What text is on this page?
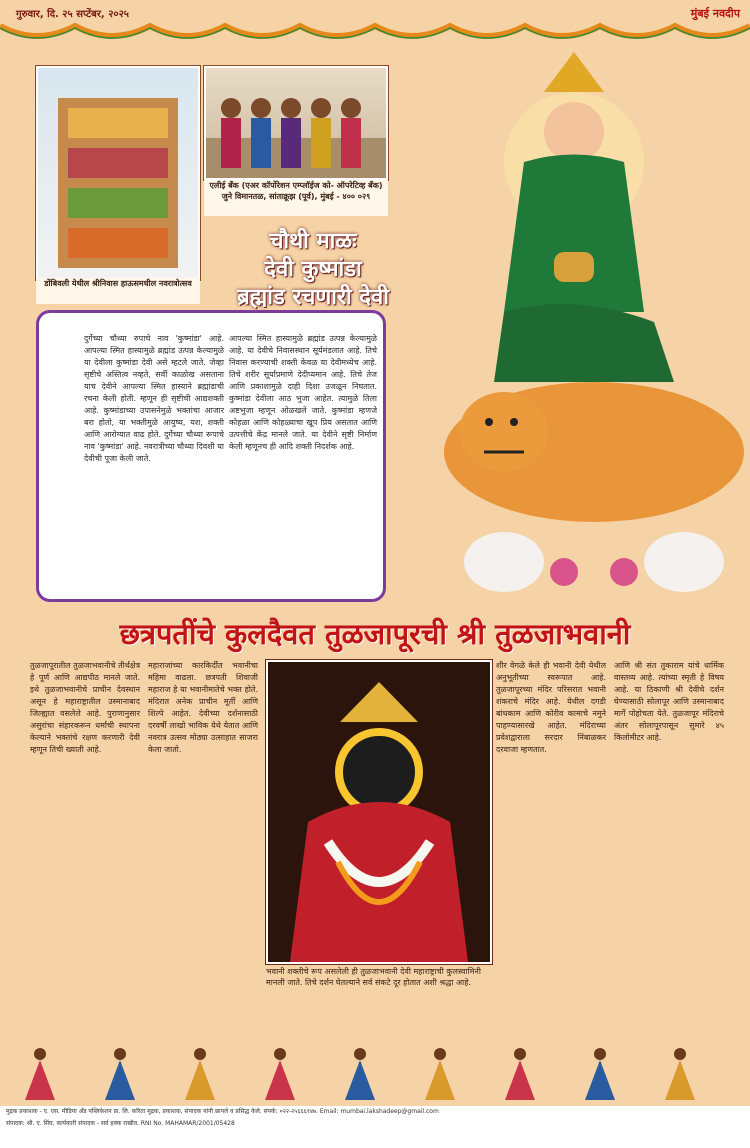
गुरुवार, दि. २५ सप्टेंबर, २०२५	मुंबई नवदीप
डोंबिवली येथील श्रीनिवास हाऊसमधील नवरात्रोत्सव
एलीई बँक (एअर कॉर्पोरेशन एम्प्लॉईज को- ऑपरेटिव्ह बँक) जुने विमानतळ, सांताक्रूझ (पूर्व), मुंबई - ४०० ०२९
चौथी माळः
देवी कुष्मांडा
ब्रह्मांड रचणारी देवी
दुर्गेच्या चौथ्या रुपाचे नाव 'कुष्मांडा' आहे. आपल्या स्मित हास्यामुळे ब्रह्मांड उत्पन्न केल्यामुळे या देवीला कुष्मांडा देवी असे म्हटले जाते. जेव्हा सृष्टीचे अस्तित्व नव्हते, सर्वी काळोख असताना याच देवीने आपल्या स्मित हास्याने ब्रह्मांडाची रचना केली होती. म्हणून ही सृष्टीची आद्यशक्ती आहे. कुष्मांडाच्या उपासनेमुळे भक्तांचा आजार बरा होतो, या भक्तीमुळे आयुष्य, यश, शक्ती आणि आरोग्यात वाढ होते. दुर्गेच्या चौथ्या रूपाचे नाव 'कुष्मांडा' आहे. नवरात्रीच्या चौथ्या दिवशी या देवीची पूजा केली जाते.
आपल्या स्मित हास्यामुळे ब्रह्मांड उत्पन्न केल्यामुळे आहे. या देवीचे निवासस्थान सूर्यमंडलात आहे. तिचे निवास करण्याची शक्ती केवळ या देवीमध्येच आहे. तिचे शरीर सूर्याप्रमाणे देदीप्यमान आहे. तिचे तेज आणि प्रकाशामुळे दाही दिशा उजळून निघतात. कुष्मांडा देवीला आठ भुजा आहेत. त्यामुळे तिला अष्टभुजा म्हणून ओळखले जाते. कुष्मांडा म्हणजे कोहळा आणि कोहळ्याचा खूप प्रिय असतात आणि उत्पत्तीचे केंद्र मानले जाते. या देवीने सृष्टी निर्माण केली म्हणूनच ही आदि शक्ती निदर्शक आहे.
छत्रपतींचे कुलदैवत तुळजापूरची श्री तुळजाभवानी
तुळजापूरातील तुळजाभवानीचे तीर्थक्षेत्र हे पूर्ण आणि आद्यपीठ मानले जाते. इथे तुळजाभवानीचे प्राचीन देवस्थान असून हे महाराष्ट्रातील उस्मानाबाद जिल्ह्यात वसलेले आहे. पुराणानुसार असुरांचा संहारकरून धर्माची स्थापना केल्याने भक्तांचे रक्षण करणारी देवी म्हणून तिची ख्याती आहे.
महाराजांच्या कारकिर्दीत भवानीचा महिमा वाढला. छत्रपती शिवाजी महाराज हे या भवानीमातेचे भक्त होते. मंदिरात अनेक प्राचीन मूर्ती आणि शिल्पे आहेत. देवीच्या दर्शनासाठी दरवर्षी लाखो भाविक येथे येतात आणि नवरात्र उत्सव मोठ्या उत्साहात साजरा केला जातो.
भवानी शक्तीचे रूप असलेली ही तुळजाभवानी देवी महाराष्ट्राची कुलस्वामिनी मानली जाते. तिचे दर्शन घेतल्याने सर्व संकटे दूर होतात अशी श्रद्धा आहे.
शीर वेगळे केले ही भवानी देवी येथील अनुभूतीच्या स्वरूपात आहे. तुळजापूरच्या मंदिर परिसरात भवानी शंकराचे मंदिर आहे. येथील दगडी बांधकाम आणि कोरीव कामाचे नमुने पाहण्यासारखे आहेत. मंदिराच्या प्रवेशद्वाराला सरदार निंबाळकर दरवाजा म्हणतात.
आणि श्री संत तुकाराम यांचे धार्मिक वास्तव्य आहे. त्यांच्या स्मृती हे विषय आहे. या ठिकाणी श्री देवीचे दर्शन घेण्यासाठी सोलापूर आणि उस्मानाबाद मार्गे पोहोचता येते. तुळजापूर मंदिराचे अंतर सोलापूरपासून सुमारे ४५ किलोमीटर आहे.
मुद्रक प्रकाशक - ए. एस. मीडिया अँड पब्लिकेशन प्रा. लि. करिता मुद्रक, प्रकाशक, संपादक यांनी छापले व प्रसिद्ध केले. संपर्क: ०२२-२५६६६१४७. Email: mumbai.lakshadeep@gmail.com
संपादक: श्री. ए. सिंघ, कार्यकारी संपादक - सर्व हक्क राखीव. RNI No. MAHAMAR/2001/05428
